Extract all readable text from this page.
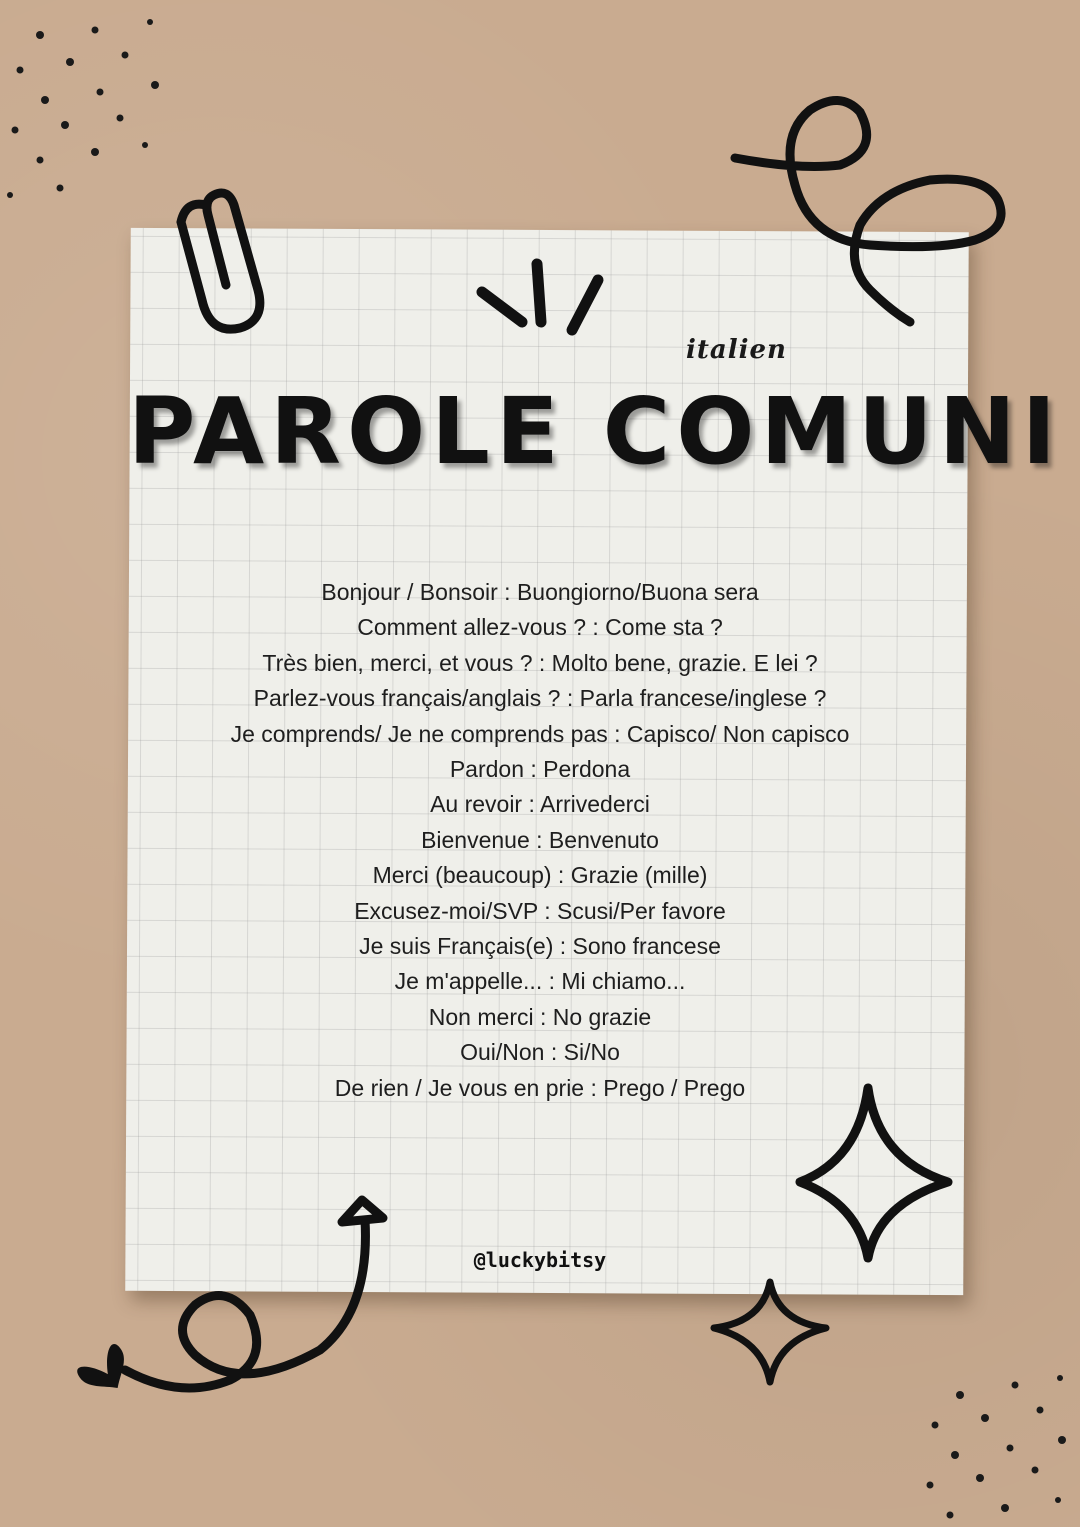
italien
PAROLE COMUNI
Bonjour / Bonsoir : Buongiorno/Buona sera
Comment allez-vous ? : Come sta ?
Très bien, merci, et vous ? : Molto bene, grazie. E lei ?
Parlez-vous français/anglais ? : Parla francese/inglese ?
Je comprends/ Je ne comprends pas : Capisco/ Non capisco
Pardon : Perdona
Au revoir : Arrivederci
Bienvenue : Benvenuto
Merci (beaucoup) : Grazie (mille)
Excusez-moi/SVP : Scusi/Per favore
Je suis Français(e) : Sono francese
Je m'appelle... : Mi chiamo...
Non merci : No grazie
Oui/Non : Si/No
De rien / Je vous en prie : Prego / Prego
@luckybitsy
